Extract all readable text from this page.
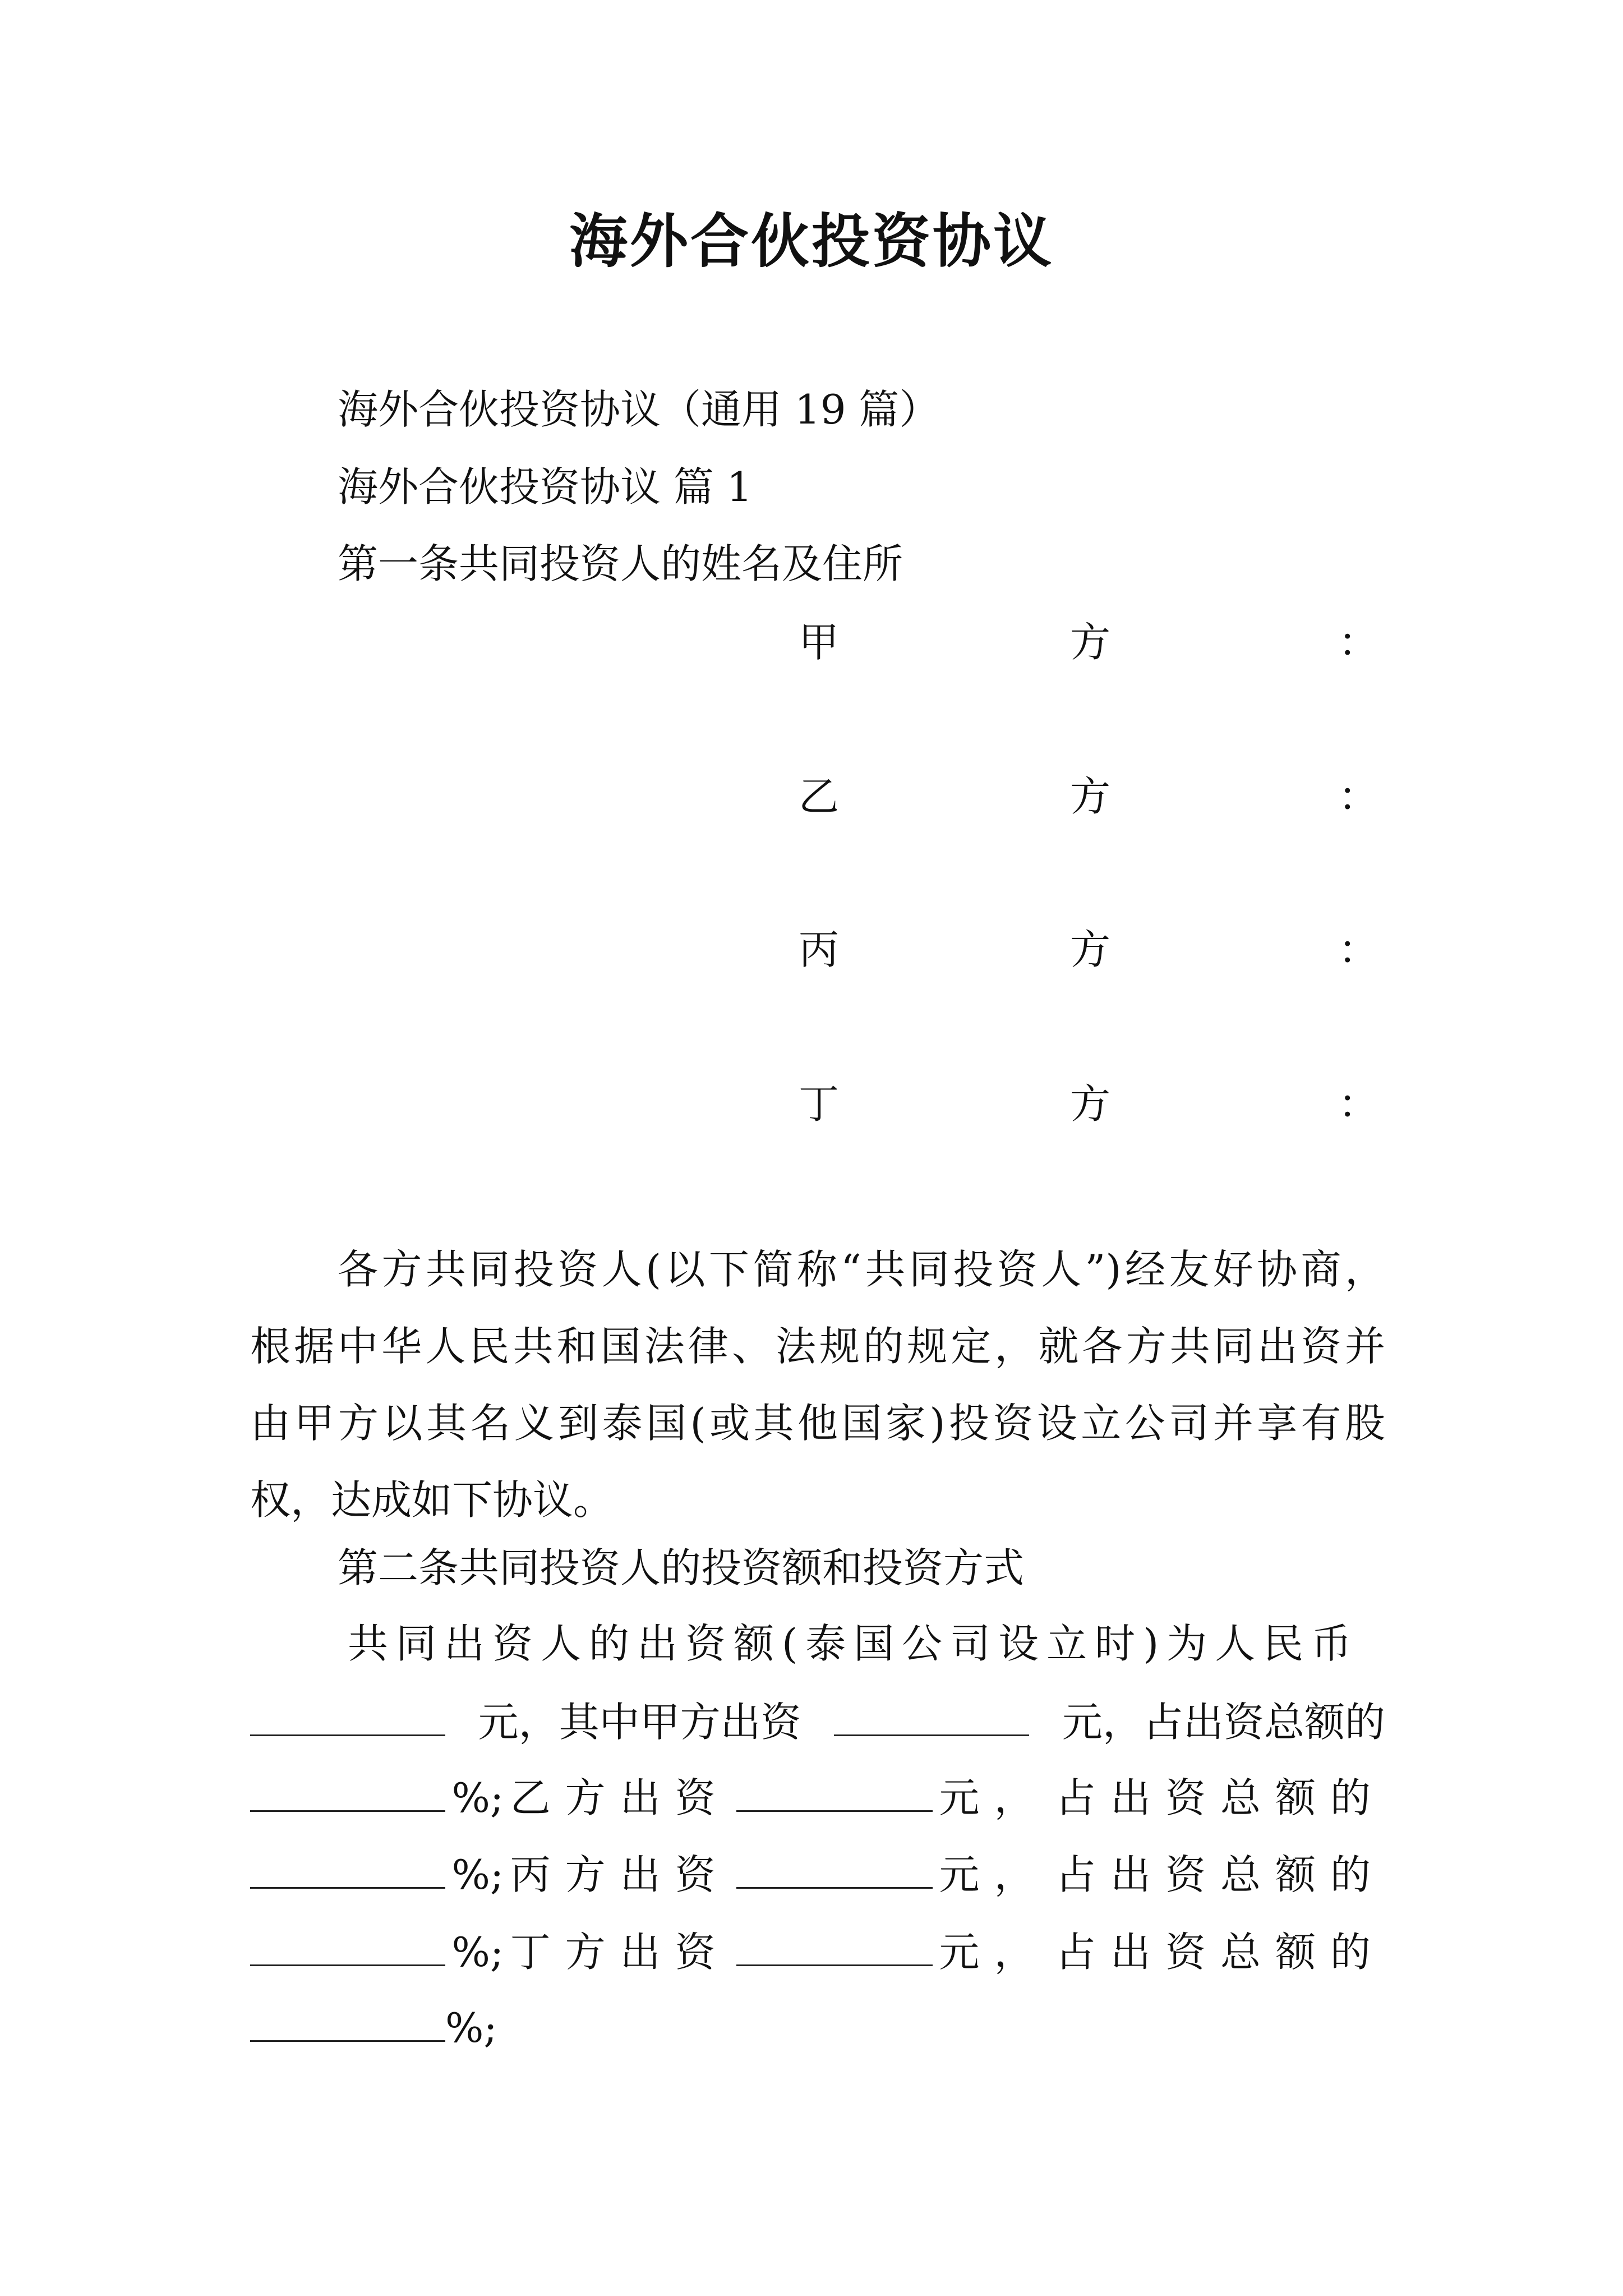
海外合伙投资协议
海外合伙投资协议（通用 19 篇）
海外合伙投资协议 篇 1
第一条共同投资人的姓名及住所
甲	方	：
乙	方	：
丙	方	：
丁	方	：
各方共同投资人(以下简称“共同投资人”)经友好协商，
根据中华人民共和国法律、法规的规定，就各方共同出资并
由甲方以其名义到泰国(或其他国家)投资设立公司并享有股
权，达成如下协议。
第二条共同投资人的投资额和投资方式
共同出资人的出资额(泰国公司设立时)为人民币
元，其中甲方出资	元，占出资总额的
%; 乙方出资	元， 占出资总额的
%; 丙方出资	元， 占出资总额的
%; 丁方出资	元， 占出资总额的
%;
